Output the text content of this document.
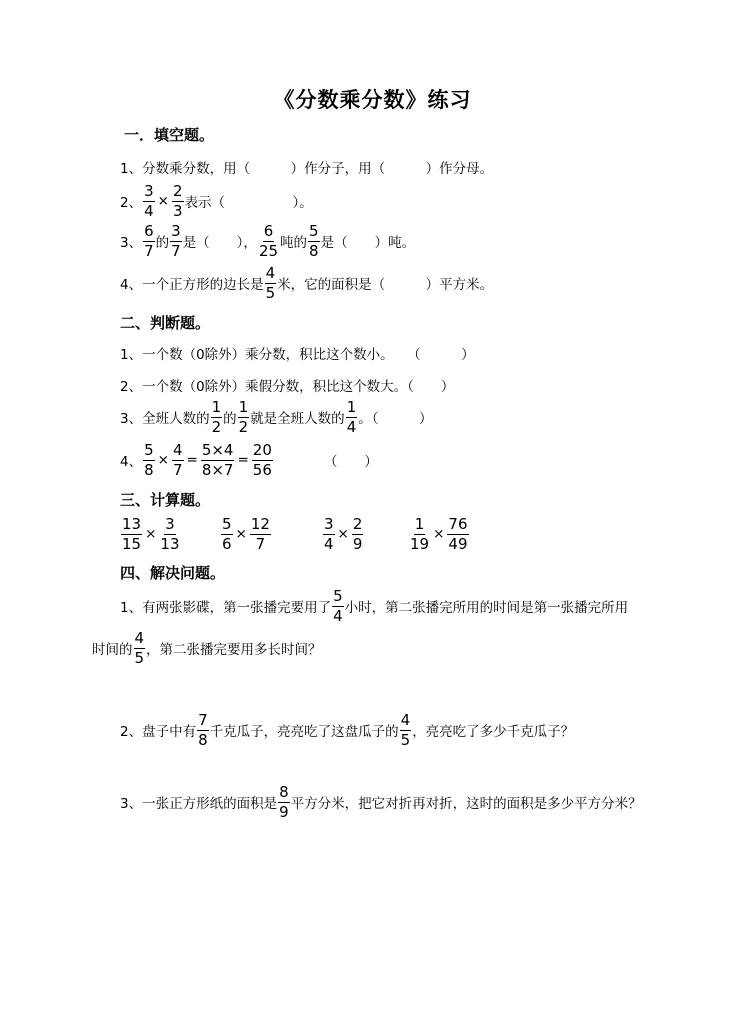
《分数乘分数》练习
一．填空题。
1、分数乘分数，用（　　　）作分子，用（　　　）作分母。
2、 $\frac{3}{4} \times \frac{2}{3}$ 表示（　　　　　）。
3、 $\frac{6}{7}$ 的 $\frac{3}{7}$ 是（　　）， $\frac{6}{25}$ 吨的 $\frac{5}{8}$ 是（　　）吨。
4、一个正方形的边长是 $\frac{4}{5}$ 米，它的面积是（　　　）平方米。
二、判断题。
1、一个数（0除外）乘分数，积比这个数小。　　（　　　）
2、一个数（0除外）乘假分数，积比这个数大。（　　）
3、全班人数的 $\frac{1}{2}$ 的 $\frac{1}{2}$ 就是全班人数的 $\frac{1}{4}$ 。（　　　）
4、 $\frac{5}{8} \times \frac{4}{7} = \frac{5\times 4}{8\times 7} = \frac{20}{56}$	（　　）
三、计算题。
$\frac{13}{15} \times \frac{3}{13}$	$\frac{5}{6} \times \frac{12}{7}$	$\frac{3}{4} \times \frac{2}{9}$	$\frac{1}{19} \times \frac{76}{49}$
四、解决问题。
1、有两张影碟，第一张播完要用了 $\frac{5}{4}$ 小时，第二张播完所用的时间是第一张播完所用
时间的 $\frac{4}{5}$ ，第二张播完要用多长时间？
2、盘子中有 $\frac{7}{8}$ 千克瓜子，亮亮吃了这盘瓜子的 $\frac{4}{5}$ ，亮亮吃了多少千克瓜子？
3、一张正方形纸的面积是 $\frac{8}{9}$ 平方分米，把它对折再对折，这时的面积是多少平方分米？
